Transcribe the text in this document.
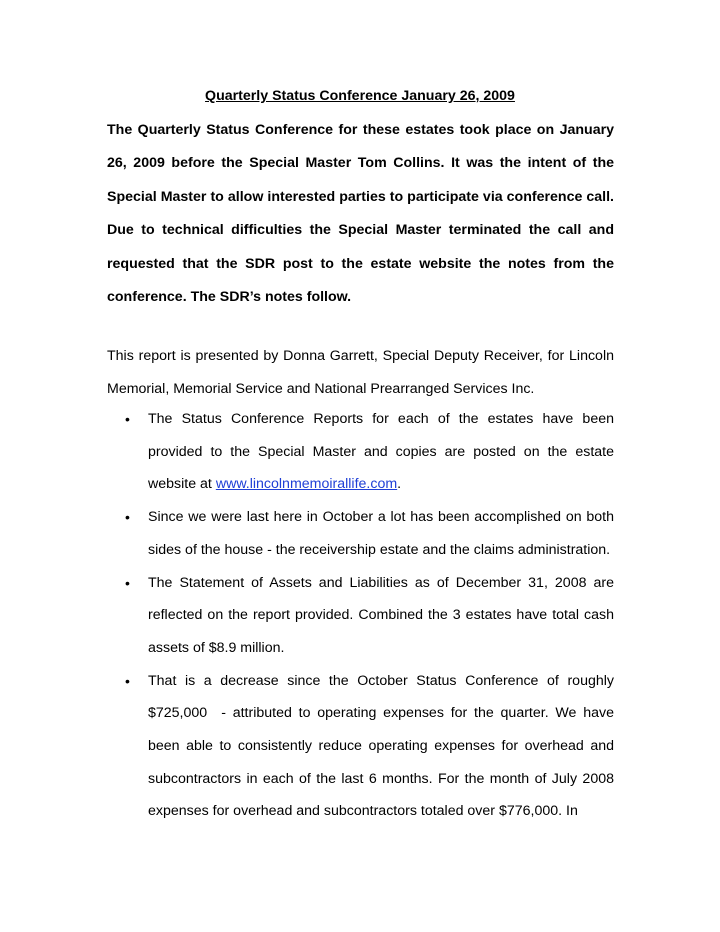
Quarterly Status Conference January 26, 2009

The Quarterly Status Conference for these estates took place on January 26, 2009 before the Special Master Tom Collins. It was the intent of the Special Master to allow interested parties to participate via conference call. Due to technical difficulties the Special Master terminated the call and requested that the SDR post to the estate website the notes from the conference. The SDR’s notes follow.

This report is presented by Donna Garrett, Special Deputy Receiver, for Lincoln Memorial, Memorial Service and National Prearranged Services Inc.

• The Status Conference Reports for each of the estates have been provided to the Special Master and copies are posted on the estate website at www.lincolnmemoirallife.com.
• Since we were last here in October a lot has been accomplished on both sides of the house - the receivership estate and the claims administration.
• The Statement of Assets and Liabilities as of December 31, 2008 are reflected on the report provided. Combined the 3 estates have total cash assets of $8.9 million.
• That is a decrease since the October Status Conference of roughly $725,000 - attributed to operating expenses for the quarter. We have been able to consistently reduce operating expenses for overhead and subcontractors in each of the last 6 months. For the month of July 2008 expenses for overhead and subcontractors totaled over $776,000. In
